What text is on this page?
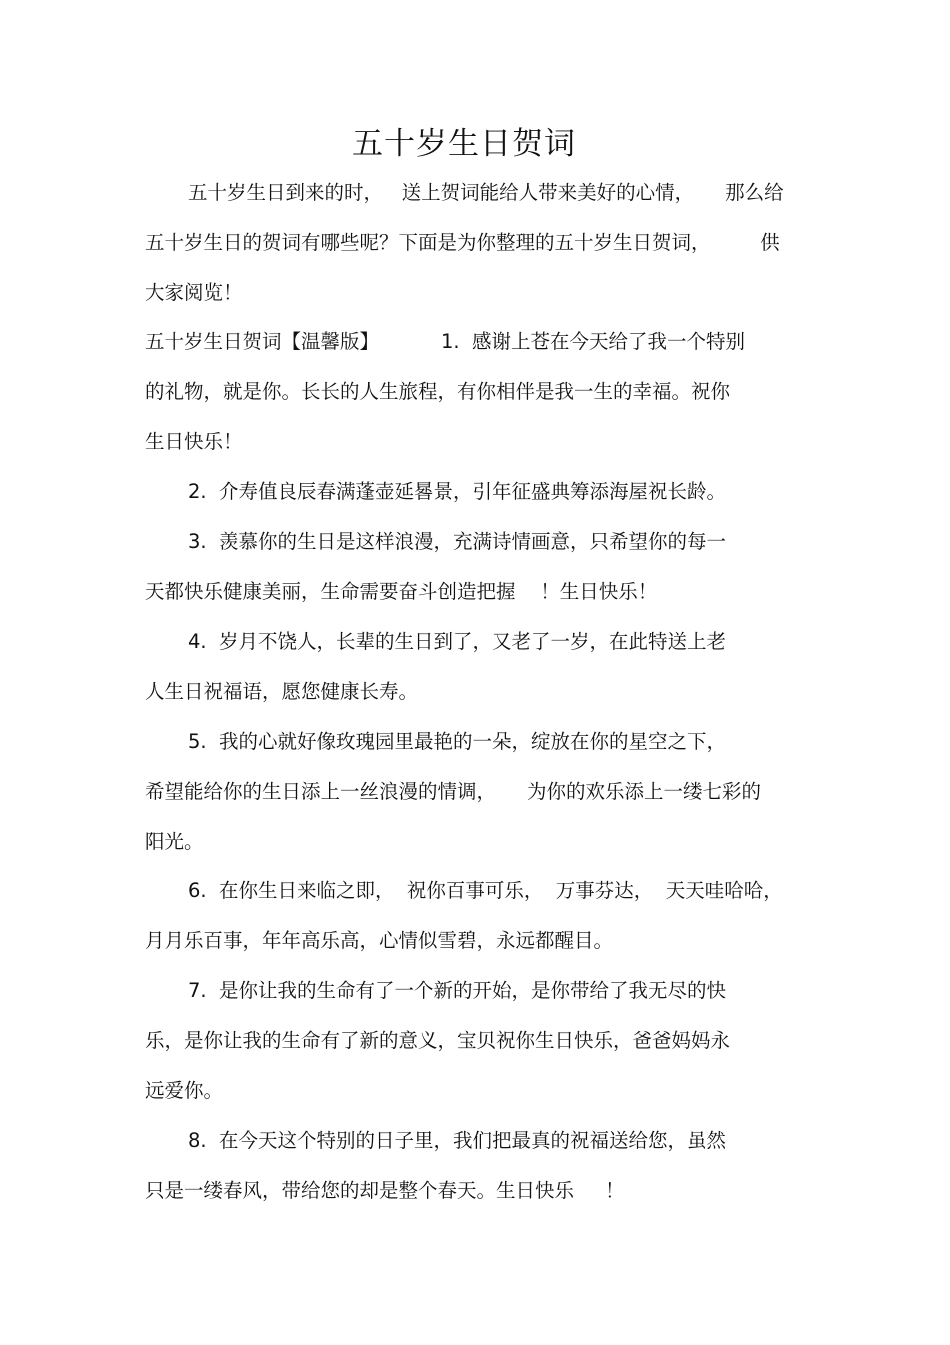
五十岁生日贺词
五十岁生日到来的时，   送上贺词能给人带来美好的心情，     那么给
五十岁生日的贺词有哪些呢？下面是为你整理的五十岁生日贺词，        供
大家阅览！
五十岁生日贺词【温馨版】          1.  感谢上苍在今天给了我一个特别
的礼物，就是你。长长的人生旅程，有你相伴是我一生的幸福。祝你
生日快乐！
2.  介寿值良辰春满蓬壶延晷景，引年征盛典筹添海屋祝长龄。
3.  羡慕你的生日是这样浪漫，充满诗情画意，只希望你的每一
天都快乐健康美丽，生命需要奋斗创造把握    ！生日快乐！
4.  岁月不饶人，长辈的生日到了，又老了一岁，在此特送上老
人生日祝福语，愿您健康长寿。
5.  我的心就好像玫瑰园里最艳的一朵，绽放在你的星空之下，
希望能给你的生日添上一丝浪漫的情调，     为你的欢乐添上一缕七彩的
阳光。
6.  在你生日来临之即，  祝你百事可乐，  万事芬达，  天天哇哈哈，
月月乐百事，年年高乐高，心情似雪碧，永远都醒目。
7.  是你让我的生命有了一个新的开始，是你带给了我无尽的快
乐，是你让我的生命有了新的意义，宝贝祝你生日快乐，爸爸妈妈永
远爱你。
8.  在今天这个特别的日子里，我们把最真的祝福送给您，虽然
只是一缕春风，带给您的却是整个春天。生日快乐     ！
